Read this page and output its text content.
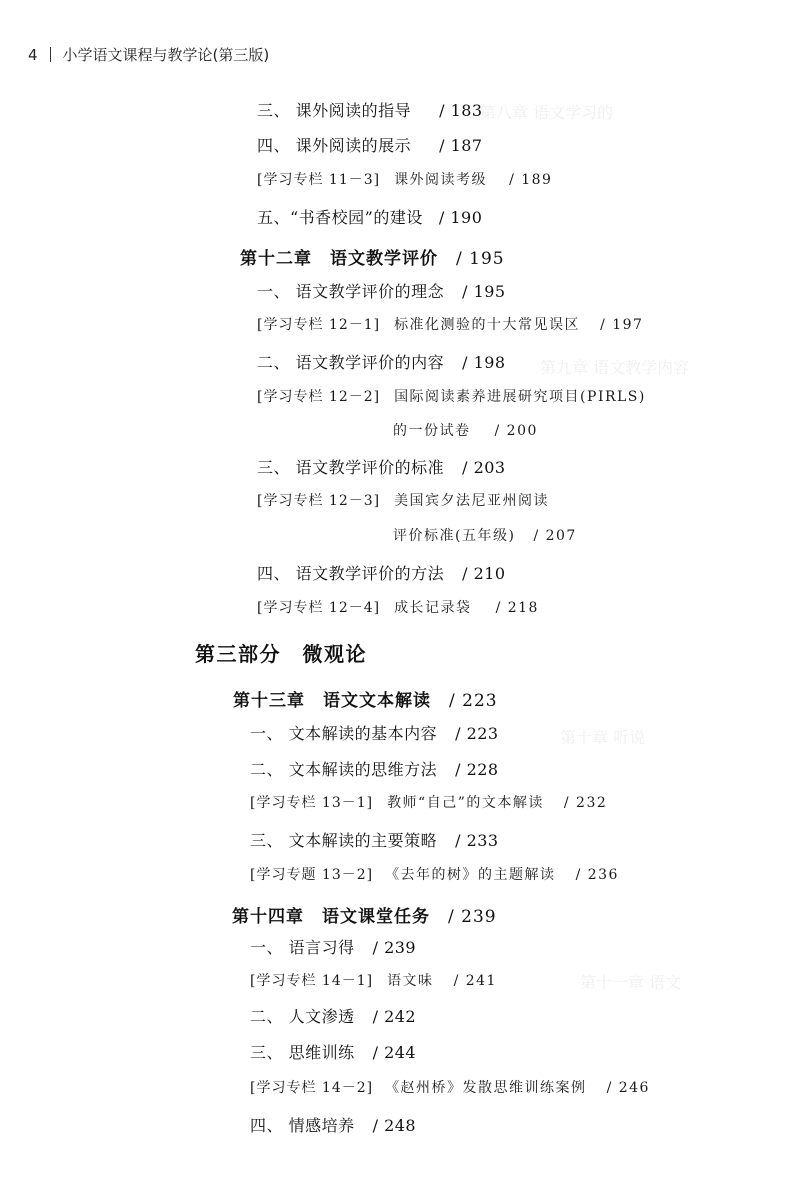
第八章 语文学习的
第九章 语文教学内容
第十章 听说
第十一章 语文
4 小学语文课程与教学论(第三版)
三、 课外阅读的指导 / 183
四、 课外阅读的展示 / 187
[学习专栏 11－3] 课外阅读考级 / 189
五、“书香校园”的建设 / 190
第十二章　语文教学评价 / 195
一、 语文教学评价的理念 / 195
[学习专栏 12－1] 标准化测验的十大常见误区 / 197
二、 语文教学评价的内容 / 198
[学习专栏 12－2] 国际阅读素养进展研究项目(PIRLS)
的一份试卷 / 200
三、 语文教学评价的标准 / 203
[学习专栏 12－3] 美国宾夕法尼亚州阅读
评价标准(五年级) / 207
四、 语文教学评价的方法 / 210
[学习专栏 12－4] 成长记录袋 / 218
第三部分　微观论
第十三章　语文文本解读 / 223
一、 文本解读的基本内容 / 223
二、 文本解读的思维方法 / 228
[学习专栏 13－1] 教师“自己”的文本解读 / 232
三、 文本解读的主要策略 / 233
[学习专题 13－2] 《去年的树》的主题解读 / 236
第十四章　语文课堂任务 / 239
一、 语言习得 / 239
[学习专栏 14－1] 语文味 / 241
二、 人文渗透 / 242
三、 思维训练 / 244
[学习专栏 14－2] 《赵州桥》发散思维训练案例 / 246
四、 情感培养 / 248
